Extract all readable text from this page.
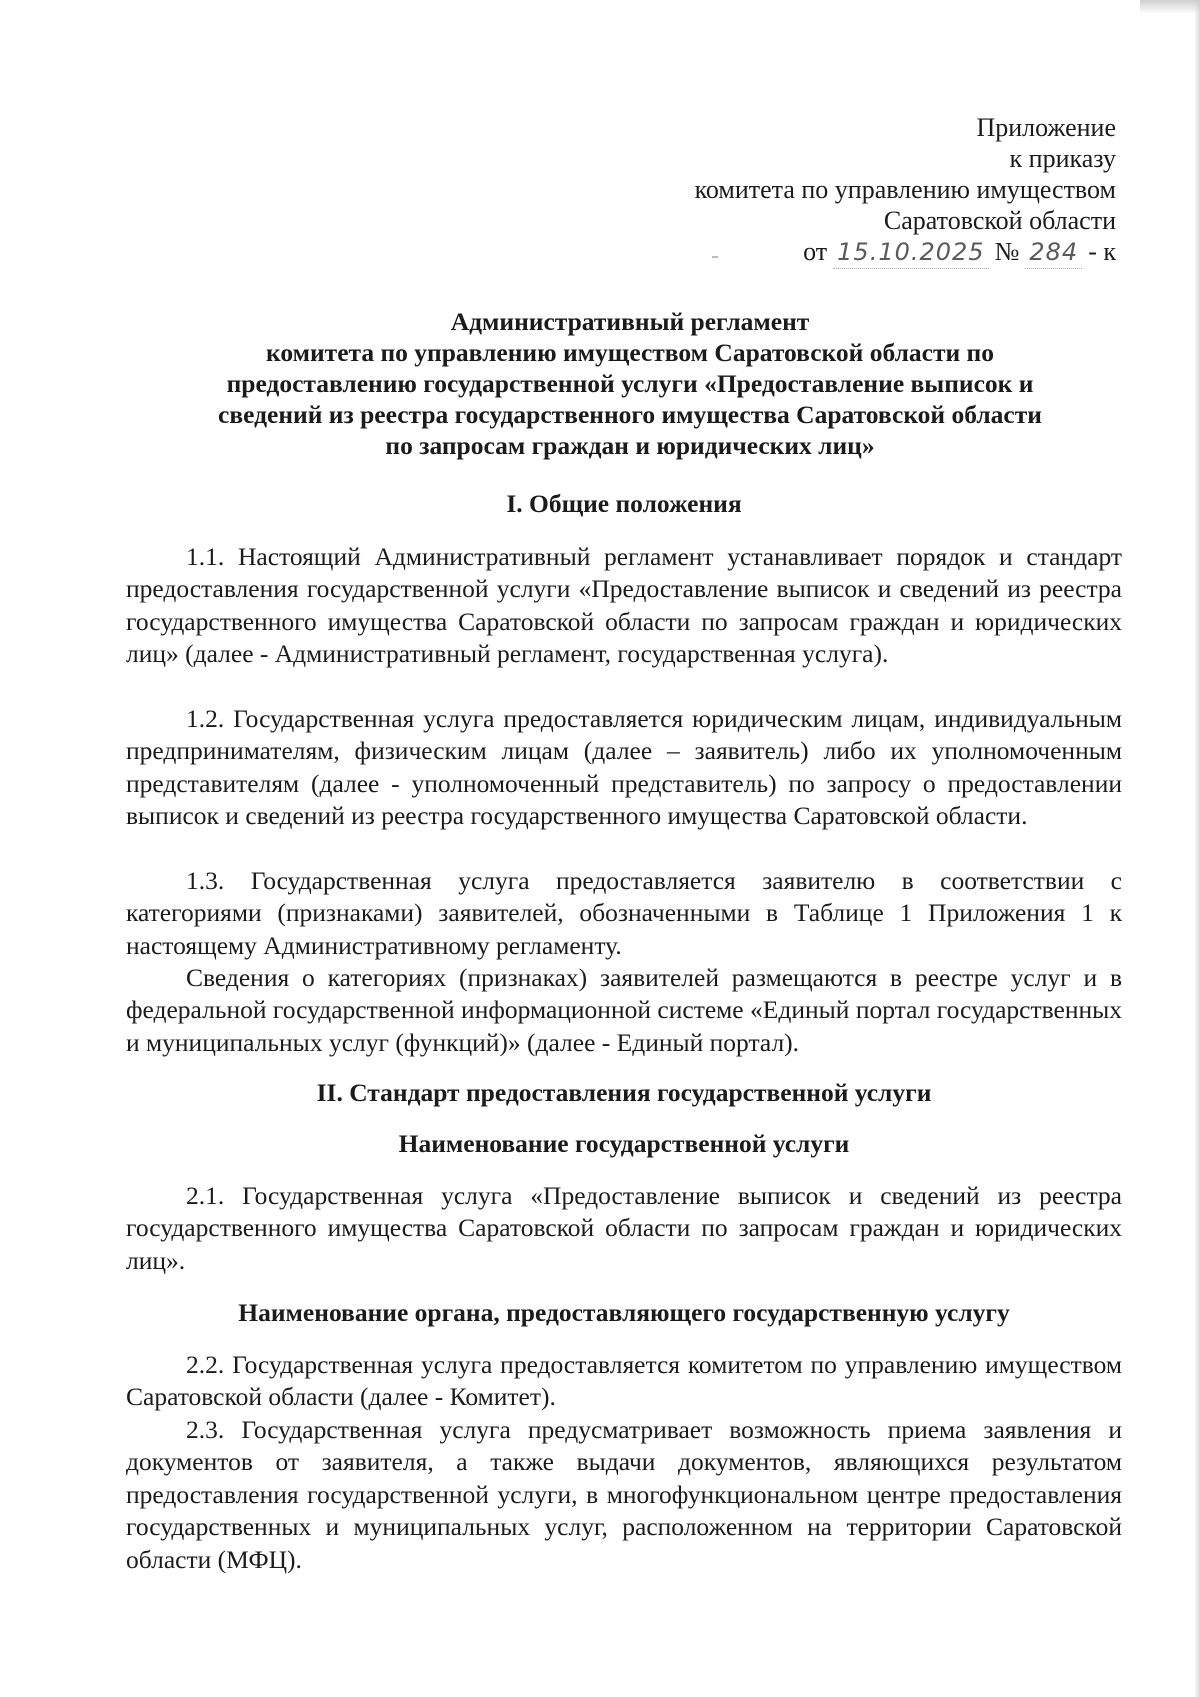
Приложение
к приказу
комитета по управлению имуществом
Саратовской области
от 15.10.2025 № 284 - к
Административный регламент
комитета по управлению имуществом Саратовской области по
предоставлению государственной услуги «Предоставление выписок и
сведений из реестра государственного имущества Саратовской области
по запросам граждан и юридических лиц»
I. Общие положения
1.1. Настоящий Административный регламент устанавливает порядок и стандарт предоставления государственной услуги «Предоставление выписок и сведений из реестра государственного имущества Саратовской области по запросам граждан и юридических лиц» (далее - Административный регламент, государственная услуга).
1.2. Государственная услуга предоставляется юридическим лицам, индивидуальным предпринимателям, физическим лицам (далее – заявитель) либо их уполномоченным представителям (далее - уполномоченный представитель) по запросу о предоставлении выписок и сведений из реестра государственного имущества Саратовской области.
1.3. Государственная услуга предоставляется заявителю в соответствии с категориями (признаками) заявителей, обозначенными в Таблице 1 Приложения 1 к настоящему Административному регламенту.
Сведения о категориях (признаках) заявителей размещаются в реестре услуг и в федеральной государственной информационной системе «Единый портал государственных и муниципальных услуг (функций)» (далее - Единый портал).
II. Стандарт предоставления государственной услуги
Наименование государственной услуги
2.1. Государственная услуга «Предоставление выписок и сведений из реестра государственного имущества Саратовской области по запросам граждан и юридических лиц».
Наименование органа, предоставляющего государственную услугу
2.2. Государственная услуга предоставляется комитетом по управлению имуществом Саратовской области (далее - Комитет).
2.3. Государственная услуга предусматривает возможность приема заявления и документов от заявителя, а также выдачи документов, являющихся результатом предоставления государственной услуги, в многофункциональном центре предоставления государственных и муниципальных услуг, расположенном на территории Саратовской области (МФЦ).
